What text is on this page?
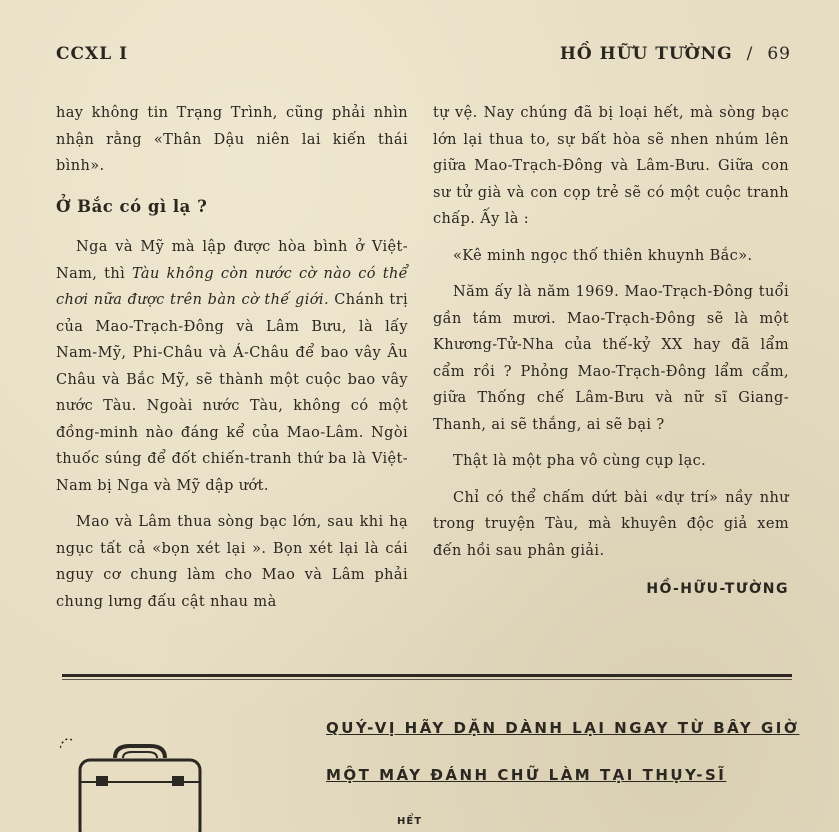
CCXL I	HỒ HỮU TƯỜNG / 69

hay không tin Trạng Trình, cũng phải nhìn nhận rằng «Thân Dậu niên lai kiến thái bình».

Ở Bắc có gì lạ ?

Nga và Mỹ mà lập được hòa bình ở Việt-Nam, thì Tàu không còn nước cờ nào có thể chơi nữa được trên bàn cờ thế giới. Chánh trị của Mao-Trạch-Đông và Lâm Bưu, là lấy Nam-Mỹ, Phi-Châu và Á-Châu để bao vây Âu Châu và Bắc Mỹ, sẽ thành một cuộc bao vây nước Tàu. Ngoài nước Tàu, không có một đồng-minh nào đáng kể của Mao-Lâm. Ngòi thuốc súng để đốt chiến-tranh thứ ba là Việt-Nam bị Nga và Mỹ dập ướt.

Mao và Lâm thua sòng bạc lớn, sau khi hạ ngục tất cả «bọn xét lại ». Bọn xét lại là cái nguy cơ chung làm cho Mao và Lâm phải chung lưng đấu cật nhau mà

tự vệ. Nay chúng đã bị loại hết, mà sòng bạc lớn lại thua to, sự bất hòa sẽ nhen nhúm lên giữa Mao-Trạch-Đông và Lâm-Bưu. Giữa con sư tử già và con cọp trẻ sẽ có một cuộc tranh chấp. Ấy là :

«Kê minh ngọc thố thiên khuynh Bắc».

Năm ấy là năm 1969. Mao-Trạch-Đông tuổi gần tám mươi. Mao-Trạch-Đông sẽ là một Khương-Tử-Nha của thế-kỷ XX hay đã lẩm cẩm rồi ? Phỏng Mao-Trạch-Đông lẩm cẩm, giữa Thống chế Lâm-Bưu và nữ sĩ Giang-Thanh, ai sẽ thắng, ai sẽ bại ?

Thật là một pha vô cùng cụp lạc.

Chỉ có thể chấm dứt bài «dự trí» nầy như trong truyện Tàu, mà khuyên độc giả xem đến hồi sau phân giải.

HỒ-HỮU-TƯỜNG

QUÝ-VỊ HÃY DẶN DÀNH LẠI NGAY TỪ BÂY GIỜ
MỘT MÁY ĐÁNH CHỮ LÀM TẠI THỤY-SĨ
HỂT
